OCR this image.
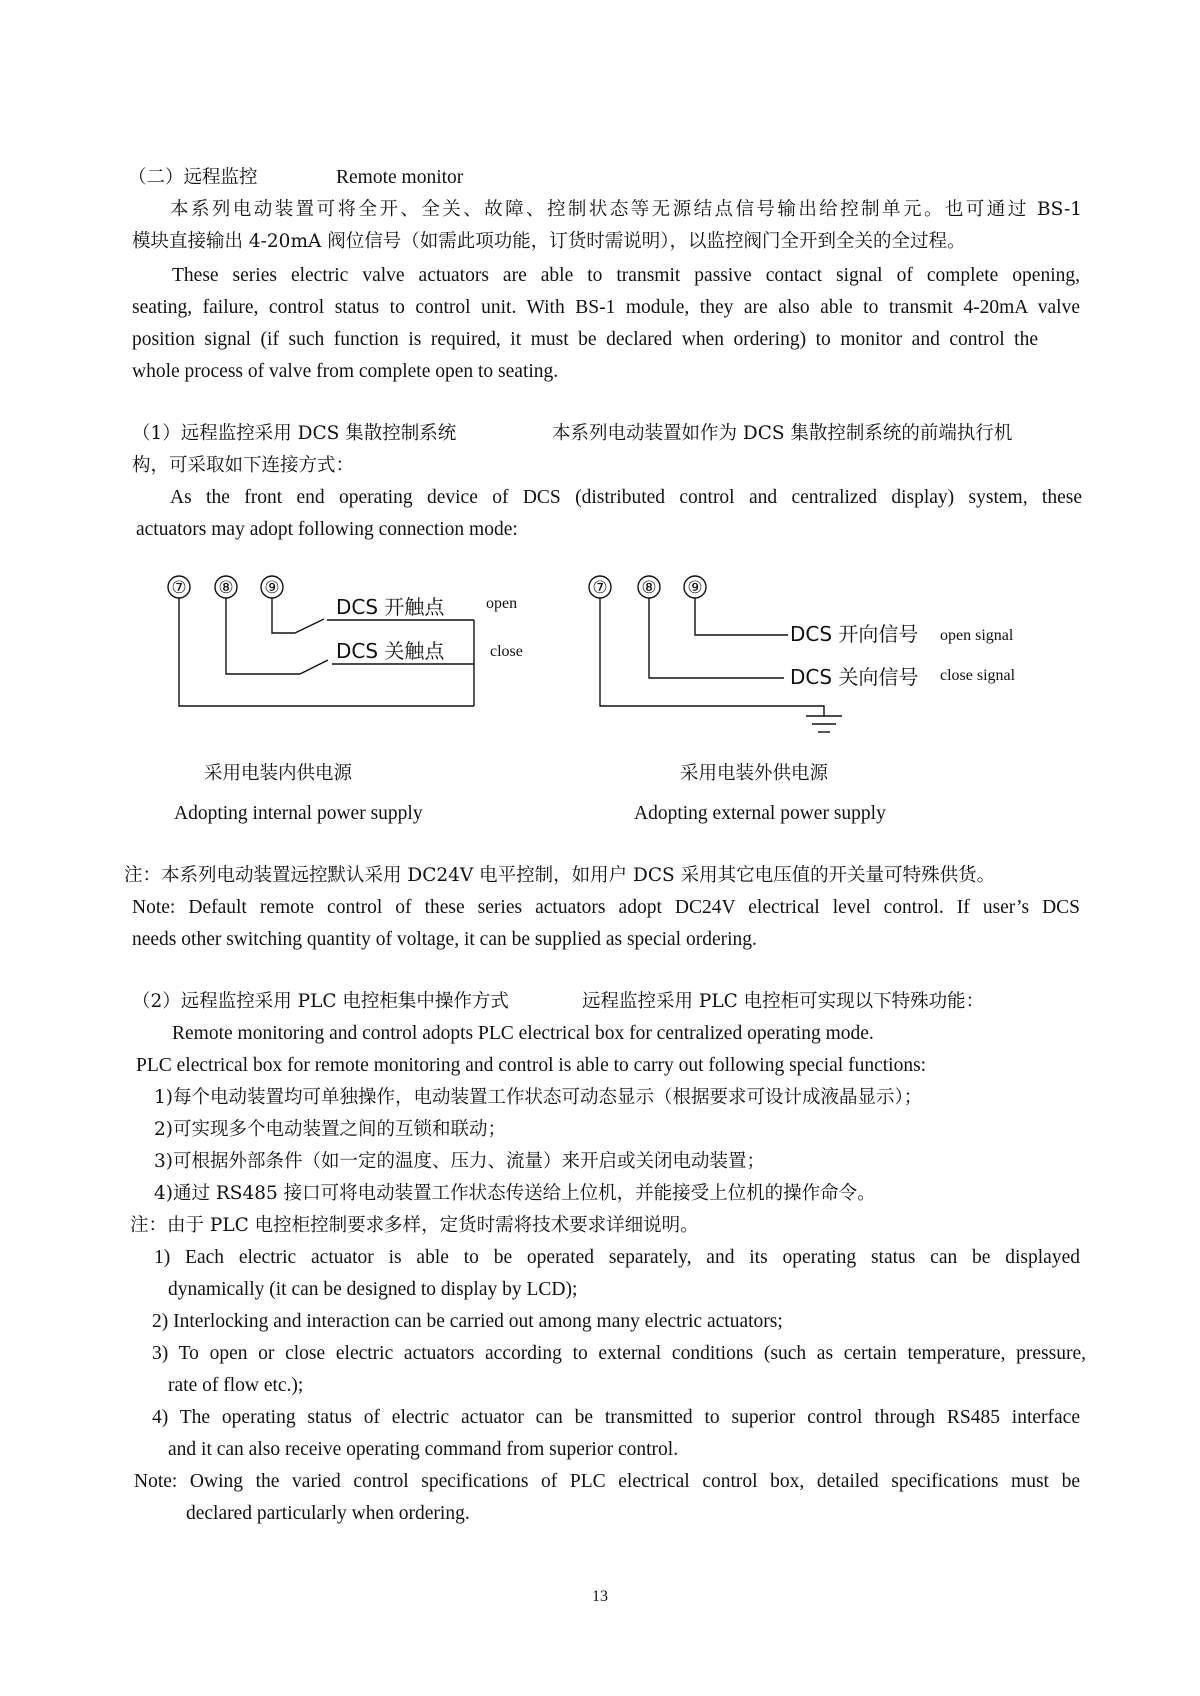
（二）远程监控	Remote monitor
本系列电动装置可将全开、全关、故障、控制状态等无源结点信号输出给控制单元。也可通过 BS-1
模块直接输出 4-20mA 阀位信号（如需此项功能，订货时需说明），以监控阀门全开到全关的全过程。
These series electric valve actuators are able to transmit passive contact signal of complete opening,
seating, failure, control status to control unit. With BS-1 module, they are also able to transmit 4-20mA valve
position signal (if such function is required, it must be declared when ordering) to monitor and control the
whole process of valve from complete open to seating.
（1）远程监控采用 DCS 集散控制系统	本系列电动装置如作为 DCS 集散控制系统的前端执行机
构，可采取如下连接方式：
As the front end operating device of DCS (distributed control and centralized display) system, these
actuators may adopt following connection mode:
⑦ ⑧ ⑨	⑦ ⑧ ⑨
DCS 开触点	open
DCS 关触点	close
DCS 开向信号 open signal
DCS 关向信号 close signal
采用电装内供电源
Adopting internal power supply
采用电装外供电源
Adopting external power supply
注：本系列电动装置远控默认采用 DC24V 电平控制，如用户 DCS 采用其它电压值的开关量可特殊供货。
Note: Default remote control of these series actuators adopt DC24V electrical level control. If user’s DCS
needs other switching quantity of voltage, it can be supplied as special ordering.
（2）远程监控采用 PLC 电控柜集中操作方式	远程监控采用 PLC 电控柜可实现以下特殊功能：
Remote monitoring and control adopts PLC electrical box for centralized operating mode.
PLC electrical box for remote monitoring and control is able to carry out following special functions:
1)每个电动装置均可单独操作，电动装置工作状态可动态显示（根据要求可设计成液晶显示）；
2)可实现多个电动装置之间的互锁和联动；
3)可根据外部条件（如一定的温度、压力、流量）来开启或关闭电动装置；
4)通过 RS485 接口可将电动装置工作状态传送给上位机，并能接受上位机的操作命令。
注：由于 PLC 电控柜控制要求多样，定货时需将技术要求详细说明。
1) Each electric actuator is able to be operated separately, and its operating status can be displayed
dynamically (it can be designed to display by LCD);
2) Interlocking and interaction can be carried out among many electric actuators;
3) To open or close electric actuators according to external conditions (such as certain temperature, pressure,
rate of flow etc.);
4) The operating status of electric actuator can be transmitted to superior control through RS485 interface
and it can also receive operating command from superior control.
Note: Owing the varied control specifications of PLC electrical control box, detailed specifications must be
declared particularly when ordering.
13
